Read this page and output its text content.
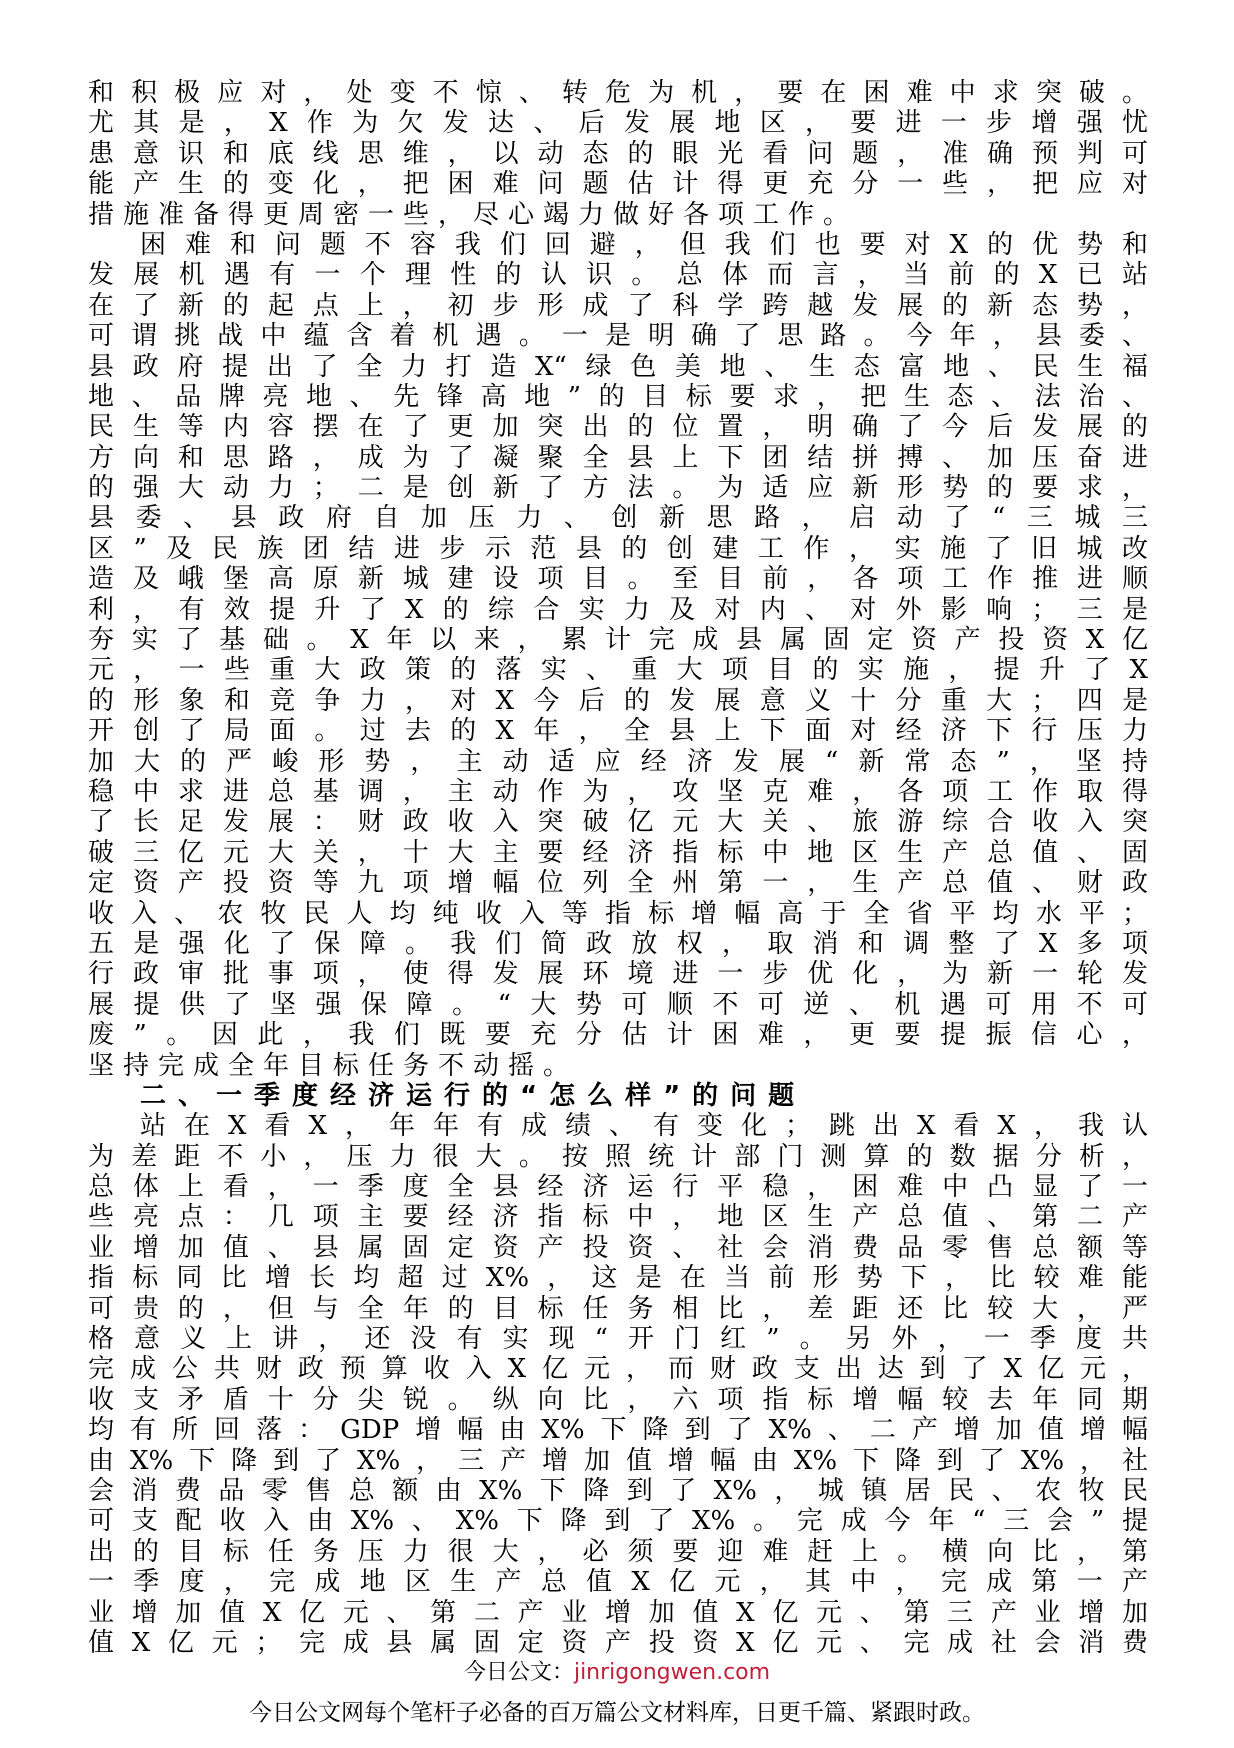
和积极应对，处变不惊、转危为机，要在困难中求突破。
尤其是，X作为欠发达、后发展地区，要进一步增强忧
患意识和底线思维，以动态的眼光看问题，准确预判可
能产生的变化，把困难问题估计得更充分一些，把应对
措施准备得更周密一些，尽心竭力做好各项工作。
困难和问题不容我们回避，但我们也要对X的优势和
发展机遇有一个理性的认识。总体而言，当前的X已站
在了新的起点上，初步形成了科学跨越发展的新态势，
可谓挑战中蕴含着机遇。一是明确了思路。今年，县委、
县政府提出了全力打造X“绿色美地、生态富地、民生福
地、品牌亮地、先锋高地”的目标要求，把生态、法治、
民生等内容摆在了更加突出的位置，明确了今后发展的
方向和思路，成为了凝聚全县上下团结拼搏、加压奋进
的强大动力；二是创新了方法。为适应新形势的要求，
县委、县政府自加压力、创新思路，启动了“三城三
区”及民族团结进步示范县的创建工作，实施了旧城改
造及峨堡高原新城建设项目。至目前，各项工作推进顺
利，有效提升了X的综合实力及对内、对外影响；三是
夯实了基础。X年以来，累计完成县属固定资产投资X亿
元，一些重大政策的落实、重大项目的实施，提升了X
的形象和竞争力，对X今后的发展意义十分重大；四是
开创了局面。过去的X年，全县上下面对经济下行压力
加大的严峻形势，主动适应经济发展“新常态”，坚持
稳中求进总基调，主动作为，攻坚克难，各项工作取得
了长足发展：财政收入突破亿元大关、旅游综合收入突
破三亿元大关，十大主要经济指标中地区生产总值、固
定资产投资等九项增幅位列全州第一，生产总值、财政
收入、农牧民人均纯收入等指标增幅高于全省平均水平；
五是强化了保障。我们简政放权，取消和调整了X多项
行政审批事项，使得发展环境进一步优化，为新一轮发
展提供了坚强保障。“大势可顺不可逆、机遇可用不可
废”。因此，我们既要充分估计困难，更要提振信心，
坚持完成全年目标任务不动摇。
二、一季度经济运行的“怎么样”的问题
站在X看X，年年有成绩、有变化；跳出X看X，我认
为差距不小，压力很大。按照统计部门测算的数据分析，
总体上看，一季度全县经济运行平稳，困难中凸显了一
些亮点：几项主要经济指标中，地区生产总值、第二产
业增加值、县属固定资产投资、社会消费品零售总额等
指标同比增长均超过X%，这是在当前形势下，比较难能
可贵的，但与全年的目标任务相比，差距还比较大，严
格意义上讲，还没有实现“开门红”。另外，一季度共
完成公共财政预算收入X亿元，而财政支出达到了X亿元，
收支矛盾十分尖锐。纵向比，六项指标增幅较去年同期
均有所回落：GDP增幅由X%下降到了X%、二产增加值增幅
由X%下降到了X%，三产增加值增幅由X%下降到了X%，社
会消费品零售总额由X%下降到了X%，城镇居民、农牧民
可支配收入由X%、X%下降到了X%。完成今年“三会”提
出的目标任务压力很大，必须要迎难赶上。横向比，第
一季度，完成地区生产总值X亿元，其中，完成第一产
业增加值X亿元、第二产业增加值X亿元、第三产业增加
值X亿元；完成县属固定资产投资X亿元、完成社会消费
今日公文：jinrigongwen.com
今日公文网每个笔杆子必备的百万篇公文材料库，日更千篇、紧跟时政。
